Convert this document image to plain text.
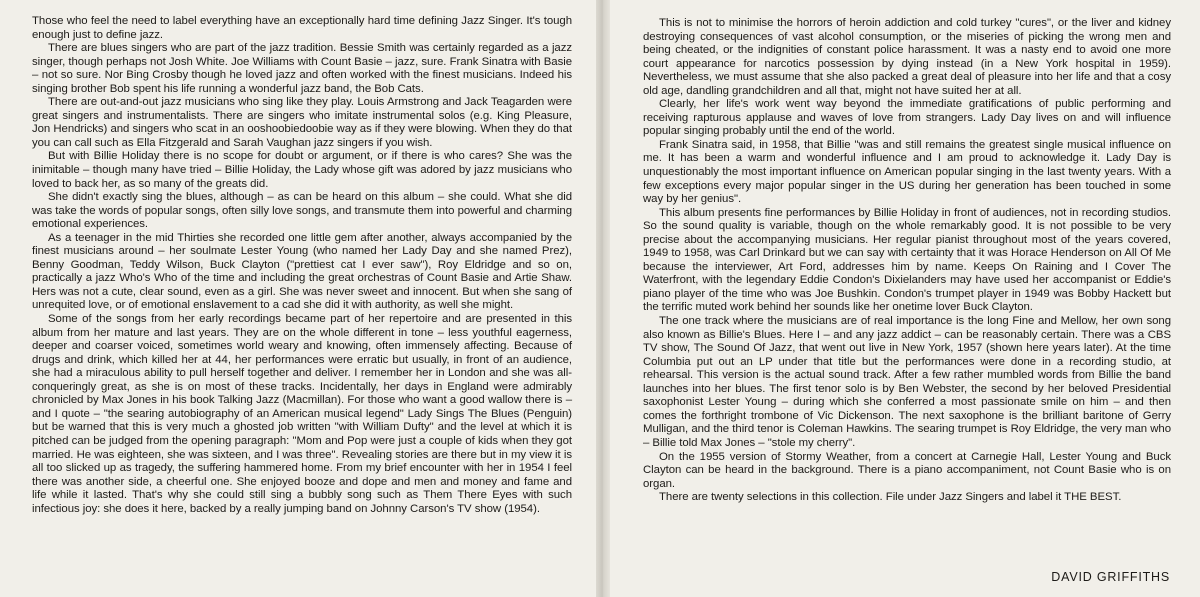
Those who feel the need to label everything have an exceptionally hard time defining Jazz Singer. It's tough enough just to define jazz.

There are blues singers who are part of the jazz tradition. Bessie Smith was certainly regarded as a jazz singer, though perhaps not Josh White. Joe Williams with Count Basie – jazz, sure. Frank Sinatra with Basie – not so sure. Nor Bing Crosby though he loved jazz and often worked with the finest musicians. Indeed his singing brother Bob spent his life running a wonderful jazz band, the Bob Cats.

There are out-and-out jazz musicians who sing like they play. Louis Armstrong and Jack Teagarden were great singers and instrumentalists. There are singers who imitate instrumental solos (e.g. King Pleasure, Jon Hendricks) and singers who scat in an ooshoobiedoobie way as if they were blowing. When they do that you can call such as Ella Fitzgerald and Sarah Vaughan jazz singers if you wish.

But with Billie Holiday there is no scope for doubt or argument, or if there is who cares? She was the inimitable – though many have tried – Billie Holiday, the Lady whose gift was adored by jazz musicians who loved to back her, as so many of the greats did.

She didn't exactly sing the blues, although – as can be heard on this album – she could. What she did was take the words of popular songs, often silly love songs, and transmute them into powerful and charming emotional experiences.

As a teenager in the mid Thirties she recorded one little gem after another, always accompanied by the finest musicians around – her soulmate Lester Young (who named her Lady Day and she named Prez), Benny Goodman, Teddy Wilson, Buck Clayton ("prettiest cat I ever saw"), Roy Eldridge and so on, practically a jazz Who's Who of the time and including the great orchestras of Count Basie and Artie Shaw. Hers was not a cute, clear sound, even as a girl. She was never sweet and innocent. But when she sang of unrequited love, or of emotional enslavement to a cad she did it with authority, as well she might.

Some of the songs from her early recordings became part of her repertoire and are presented in this album from her mature and last years. They are on the whole different in tone – less youthful eagerness, deeper and coarser voiced, sometimes world weary and knowing, often immensely affecting. Because of drugs and drink, which killed her at 44, her performances were erratic but usually, in front of an audience, she had a miraculous ability to pull herself together and deliver. I remember her in London and she was all-conqueringly great, as she is on most of these tracks. Incidentally, her days in England were admirably chronicled by Max Jones in his book Talking Jazz (Macmillan). For those who want a good wallow there is – and I quote – "the searing autobiography of an American musical legend" Lady Sings The Blues (Penguin) but be warned that this is very much a ghosted job written "with William Dufty" and the level at which it is pitched can be judged from the opening paragraph: "Mom and Pop were just a couple of kids when they got married. He was eighteen, she was sixteen, and I was three". Revealing stories are there but in my view it is all too slicked up as tragedy, the suffering hammered home. From my brief encounter with her in 1954 I feel there was another side, a cheerful one. She enjoyed booze and dope and men and money and fame and life while it lasted. That's why she could still sing a bubbly song such as Them There Eyes with such infectious joy: she does it here, backed by a really jumping band on Johnny Carson's TV show (1954).

This is not to minimise the horrors of heroin addiction and cold turkey "cures", or the liver and kidney destroying consequences of vast alcohol consumption, or the miseries of picking the wrong men and being cheated, or the indignities of constant police harassment. It was a nasty end to avoid one more court appearance for narcotics possession by dying instead (in a New York hospital in 1959). Nevertheless, we must assume that she also packed a great deal of pleasure into her life and that a cosy old age, dandling grandchildren and all that, might not have suited her at all.

Clearly, her life's work went way beyond the immediate gratifications of public performing and receiving rapturous applause and waves of love from strangers. Lady Day lives on and will influence popular singing probably until the end of the world.

Frank Sinatra said, in 1958, that Billie "was and still remains the greatest single musical influence on me. It has been a warm and wonderful influence and I am proud to acknowledge it. Lady Day is unquestionably the most important influence on American popular singing in the last twenty years. With a few exceptions every major popular singer in the US during her generation has been touched in some way by her genius".

This album presents fine performances by Billie Holiday in front of audiences, not in recording studios. So the sound quality is variable, though on the whole remarkably good. It is not possible to be very precise about the accompanying musicians. Her regular pianist throughout most of the years covered, 1949 to 1958, was Carl Drinkard but we can say with certainty that it was Horace Henderson on All Of Me because the interviewer, Art Ford, addresses him by name. Keeps On Raining and I Cover The Waterfront, with the legendary Eddie Condon's Dixielanders may have used her accompanist or Eddie's piano player of the time who was Joe Bushkin. Condon's trumpet player in 1949 was Bobby Hackett but the terrific muted work behind her sounds like her onetime lover Buck Clayton.

The one track where the musicians are of real importance is the long Fine and Mellow, her own song also known as Billie's Blues. Here I – and any jazz addict – can be reasonably certain. There was a CBS TV show, The Sound Of Jazz, that went out live in New York, 1957 (shown here years later). At the time Columbia put out an LP under that title but the performances were done in a recording studio, at rehearsal. This version is the actual sound track. After a few rather mumbled words from Billie the band launches into her blues. The first tenor solo is by Ben Webster, the second by her beloved Presidential saxophonist Lester Young – during which she conferred a most passionate smile on him – and then comes the forthright trombone of Vic Dickenson. The next saxophone is the brilliant baritone of Gerry Mulligan, and the third tenor is Coleman Hawkins. The searing trumpet is Roy Eldridge, the very man who – Billie told Max Jones – "stole my cherry".

On the 1955 version of Stormy Weather, from a concert at Carnegie Hall, Lester Young and Buck Clayton can be heard in the background. There is a piano accompaniment, not Count Basie who is on organ.

There are twenty selections in this collection. File under Jazz Singers and label it THE BEST.

DAVID GRIFFITHS
